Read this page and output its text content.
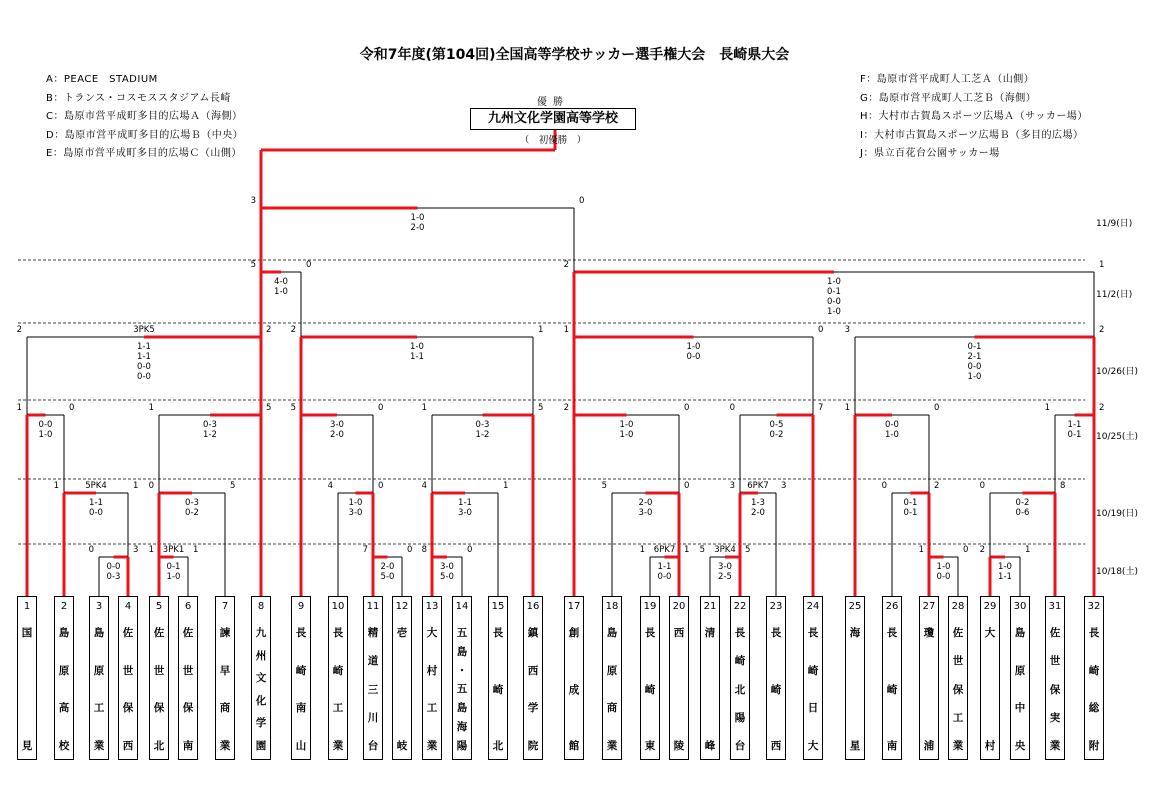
0	3
0-0
0-3
1	1
3PK1
0-1
1-0
7	0
2-0
5-0
8	0
3-0
5-0
1	1
6PK7
1-1
0-0
5	5
3PK4
3-0
2-5
1	0
1-0
0-0
2	1
1-0
1-1
1	1
5PK4
1-1
0-0
0	5
0-3
0-2
4	0
1-0
3-0
4	1
1-1
3-0
5	0
2-0
3-0
3	3
6PK7
1-3
2-0
0	2
0-1
0-1
0	8
0-2
0-6
1	0
0-0
1-0
1	5
0-3
1-2
5	0
3-0
2-0
1	5
0-3
1-2
2	0
1-0
1-0
0	7
0-5
0-2
1	0
0-0
1-0
1	2
1-1
0-1
2	2
3PK5
1-1
1-1
0-0
0-0
2	1
1-0
1-1
1	0
1-0
0-0
3	2
0-1
2-1
0-0
1-0
5	0
4-0
1-0
2	1
1-0
0-1
0-0
1-0
3	0
1-0
2-0
令和7年度(第104回)全国高等学校サッカー選手権大会　長崎県大会
A：PEACE　STADIUM
B：トランス・コスモススタジアム長崎
C：島原市営平成町多目的広場Ａ（海側）
D：島原市営平成町多目的広場Ｂ（中央）
E：島原市営平成町多目的広場Ｃ（山側）
F：島原市営平成町人工芝Ａ（山側）
G：島原市営平成町人工芝Ｂ（海側）
H：大村市古賀島スポーツ広場Ａ（サッカー場）
I：大村市古賀島スポーツ広場Ｂ（多目的広場）
J：県立百花台公園サッカー場
優勝
九州文化学園高等学校
（　初優勝　）
11/9(日)
11/2(日)
10/26(日)
10/25(土)
10/19(日)
10/18(土)
1
国
見
2
島
原
高
校
3
島
原
工
業
4
佐
世
保
西
5
佐
世
保
北
6
佐
世
保
南
7
諫
早
商
業
8
九
州
文
化
学
園
9
長
崎
南
山
10
長
崎
工
業
11
精
道
三
川
台
12
壱
岐
13
大
村
工
業
14
五
島
・
五
島
海
陽
15
長
崎
北
16
鎮
西
学
院
17
創
成
館
18
島
原
商
業
19
長
崎
東
20
西
陵
21
清
峰
22
長
崎
北
陽
台
23
長
崎
西
24
長
崎
日
大
25
海
星
26
長
崎
南
27
瓊
浦
28
佐
世
保
工
業
29
大
村
30
島
原
中
央
31
佐
世
保
実
業
32
長
崎
総
附
